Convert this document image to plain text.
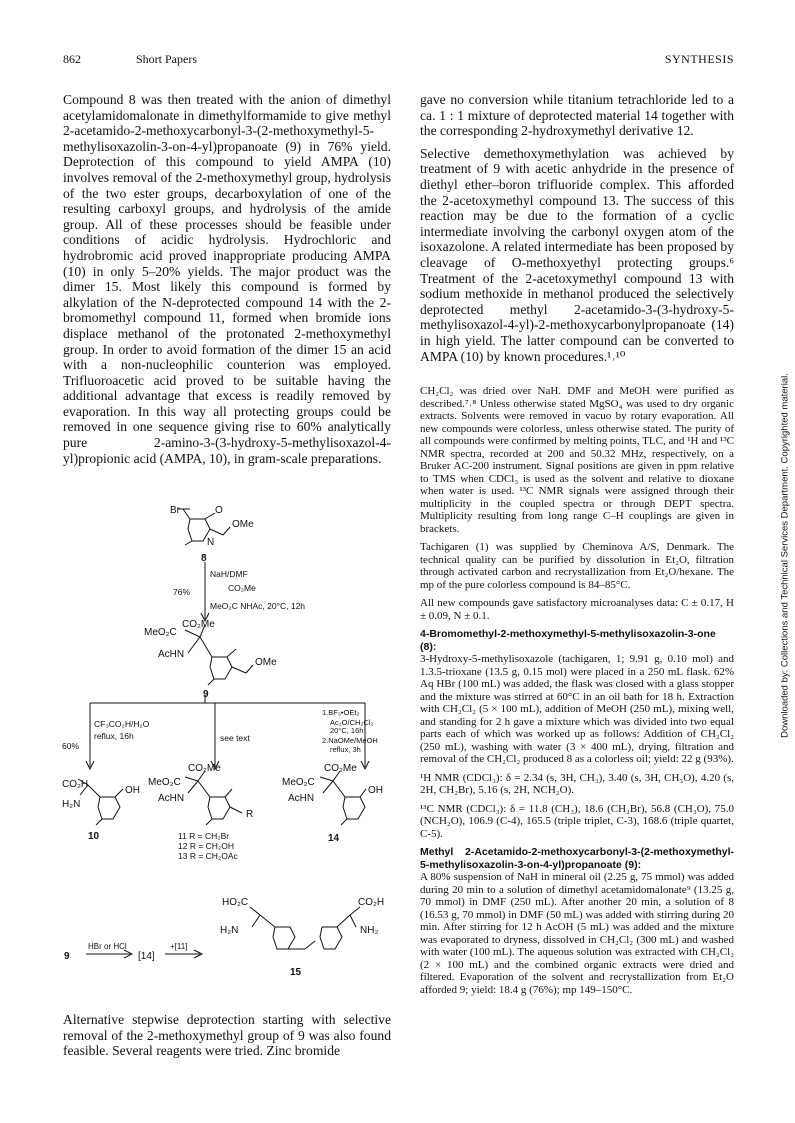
862	Short Papers	SYNTHESIS

Compound 8 was then treated with the anion of dimethyl acetylamidomalonate in dimethylformamide to give methyl 2-acetamido-2-methoxycarbonyl-3-(2-methoxymethyl-5-methylisoxazolin-3-on-4-yl)propanoate (9) in 76% yield. Deprotection of this compound to yield AMPA (10) involves removal of the 2-methoxymethyl group, hydrolysis of the two ester groups, decarboxylation of one of the resulting carboxyl groups, and hydrolysis of the amide group. All of these processes should be feasible under conditions of acidic hydrolysis. Hydrochloric and hydrobromic acid proved inappropriate producing AMPA (10) in only 5–20% yields. The major product was the dimer 15. Most likely this compound is formed by alkylation of the N-deprotected compound 14 with the 2-bromomethyl compound 11, formed when bromide ions displace methanol of the protonated 2-methoxymethyl group. In order to avoid formation of the dimer 15 an acid with a non-nucleophilic counterion was employed. Trifluoroacetic acid proved to be suitable having the additional advantage that excess is readily removed by evaporation. In this way all protecting groups could be removed in one sequence giving rise to 60% analytically pure 2-amino-3-(3-hydroxy-5-methylisoxazol-4-yl)propionic acid (AMPA, 10), in gram-scale preparations.

Br	O
OMe
N
8
NaH/DMF
76%	CO₂Me
MeO₂C NHAc, 20°C, 12h
CO₂Me
MeO₂C
AcHN
OMe
9
60%
CF₃CO₂H/H₂O
reflux, 16h	see text
1.BF₃•OEt₂
Ac₂O/CH₂Cl₂
20°C, 16h
2.NaOMe/MeOH
reflux, 3h
CO₂H
H₂N
OH
10
CO₂Me
MeO₂C
AcHN
R
11 R = CH₂Br
12 R = CH₂OH
13 R = CH₂OAc
CO₂Me
MeO₂C
AcHN
OH
14
HO₂C	CO₂H
H₂N	NH₂
15
9
HBr or HCl
[14]
+[11]

Alternative stepwise deprotection starting with selective removal of the 2-methoxymethyl group of 9 was also found feasible. Several reagents were tried. Zinc bromide

gave no conversion while titanium tetrachloride led to a ca. 1 : 1 mixture of deprotected material 14 together with the corresponding 2-hydroxymethyl derivative 12.

Selective demethoxymethylation was achieved by treatment of 9 with acetic anhydride in the presence of diethyl ether–boron trifluoride complex. This afforded the 2-acetoxymethyl compound 13. The success of this reaction may be due to the formation of a cyclic intermediate involving the carbonyl oxygen atom of the isoxazolone. A related intermediate has been proposed by cleavage of O-methoxyethyl protecting groups.⁶ Treatment of the 2-acetoxymethyl compound 13 with sodium methoxide in methanol produced the selectively deprotected methyl 2-acetamido-3-(3-hydroxy-5-methylisoxazol-4-yl)-2-methoxycarbonylpropanoate (14) in high yield. The latter compound can be converted to AMPA (10) by known procedures.¹˒¹⁰

CH₂Cl₂ was dried over NaH. DMF and MeOH were purified as described.⁷˒⁸ Unless otherwise stated MgSO₄ was used to dry organic extracts. Solvents were removed in vacuo by rotary evaporation. All new compounds were colorless, unless otherwise stated. The purity of all compounds were confirmed by melting points, TLC, and ¹H and ¹³C NMR spectra, recorded at 200 and 50.32 MHz, respectively, on a Bruker AC-200 instrument. Signal positions are given in ppm relative to TMS when CDCl₃ is used as the solvent and relative to dioxane when water is used. ¹³C NMR signals were assigned through their multiplicity in the coupled spectra or through DEPT spectra. Multiplicity resulting from long range C–H couplings are given in brackets.

Tachigaren (1) was supplied by Cheminova A/S, Denmark. The technical quality can be purified by dissolution in Et₂O, filtration through activated carbon and recrystallization from Et₂O/hexane. The mp of the pure colorless compound is 84–85°C.

All new compounds gave satisfactory microanalyses data: C ± 0.17, H ± 0.09, N ± 0.1.

4-Bromomethyl-2-methoxymethyl-5-methylisoxazolin-3-one (8):

3-Hydroxy-5-methylisoxazole (tachigaren, 1; 9.91 g, 0.10 mol) and 1.3.5-trioxane (13.5 g, 0.15 mol) were placed in a 250 mL flask. 62% Aq HBr (100 mL) was added, the flask was closed with a glass stopper and the mixture was stirred at 60°C in an oil bath for 18 h. Extraction with CH₂Cl₂ (5 × 100 mL), addition of MeOH (250 mL), mixing well, and standing for 2 h gave a mixture which was divided into two equal parts each of which was worked up as follows: Addition of CH₂Cl₂ (250 mL), washing with water (3 × 400 mL), drying, filtration and removal of the CH₂Cl₂ produced 8 as a colorless oil; yield: 22 g (93%).

¹H NMR (CDCl₃): δ = 2.34 (s, 3H, CH₃), 3.40 (s, 3H, CH₃O), 4.20 (s, 2H, CH₂Br), 5.16 (s, 2H, NCH₂O).

¹³C NMR (CDCl₃): δ = 11.8 (CH₃), 18.6 (CH₂Br), 56.8 (CH₃O), 75.0 (NCH₂O), 106.9 (C-4), 165.5 (triple triplet, C-3), 168.6 (triple quartet, C-5).

Methyl 2-Acetamido-2-methoxycarbonyl-3-(2-methoxymethyl-5-methylisoxazolin-3-on-4-yl)propanoate (9):

A 80% suspension of NaH in mineral oil (2.25 g, 75 mmol) was added during 20 min to a solution of dimethyl acetamidomalonate⁹ (13.25 g, 70 mmol) in DMF (250 mL). After another 20 min, a solution of 8 (16.53 g, 70 mmol) in DMF (50 mL) was added with stirring during 20 min. After stirring for 12 h AcOH (5 mL) was added and the mixture was evaporated to dryness, dissolved in CH₂Cl₂ (300 mL) and washed with water (100 mL). The aqueous solution was extracted with CH₂Cl₂ (2 × 100 mL) and the combined organic extracts were dried and filtered. Evaporation of the solvent and recrystallization from Et₂O afforded 9; yield: 18.4 g (76%); mp 149–150°C.

Downloaded by: Collections and Technical Services Department. Copyrighted material.
